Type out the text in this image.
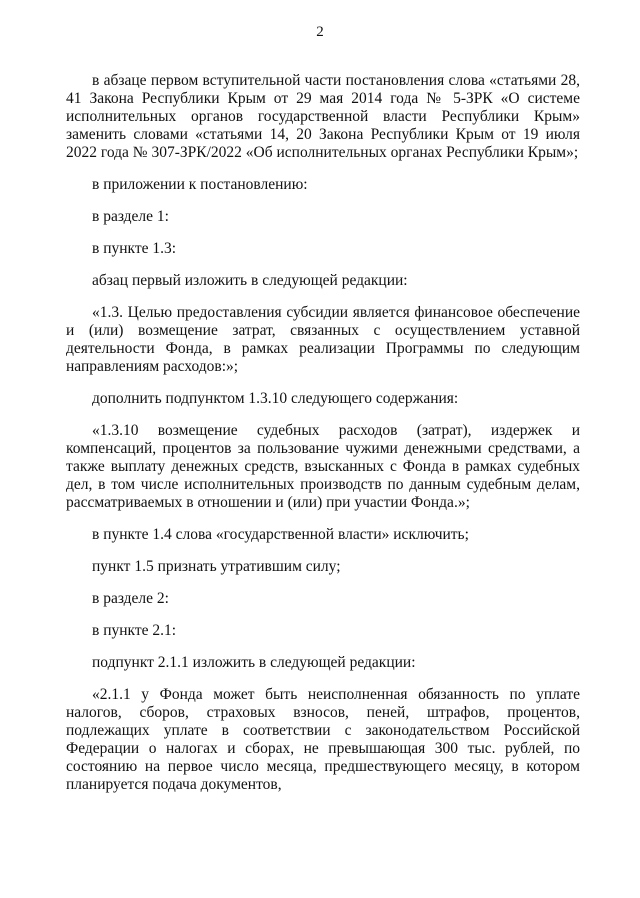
2

в абзаце первом вступительной части постановления слова «статьями 28, 41 Закона Республики Крым от 29 мая 2014 года № 5-ЗРК «О системе исполнительных органов государственной власти Республики Крым» заменить словами «статьями 14, 20 Закона Республики Крым от 19 июля 2022 года № 307-ЗРК/2022 «Об исполнительных органах Республики Крым»;

в приложении к постановлению:

в разделе 1:

в пункте 1.3:

абзац первый изложить в следующей редакции:

«1.3. Целью предоставления субсидии является финансовое обеспечение и (или) возмещение затрат, связанных с осуществлением уставной деятельности Фонда, в рамках реализации Программы по следующим направлениям расходов:»;

дополнить подпунктом 1.3.10 следующего содержания:

«1.3.10 возмещение судебных расходов (затрат), издержек и компенсаций, процентов за пользование чужими денежными средствами, а также выплату денежных средств, взысканных с Фонда в рамках судебных дел, в том числе исполнительных производств по данным судебным делам, рассматриваемых в отношении и (или) при участии Фонда.»;

в пункте 1.4 слова «государственной власти» исключить;

пункт 1.5 признать утратившим силу;

в разделе 2:

в пункте 2.1:

подпункт 2.1.1 изложить в следующей редакции:

«2.1.1 у Фонда может быть неисполненная обязанность по уплате налогов, сборов, страховых взносов, пеней, штрафов, процентов, подлежащих уплате в соответствии с законодательством Российской Федерации о налогах и сборах, не превышающая 300 тыс. рублей, по состоянию на первое число месяца, предшествующего месяцу, в котором планируется подача документов,
